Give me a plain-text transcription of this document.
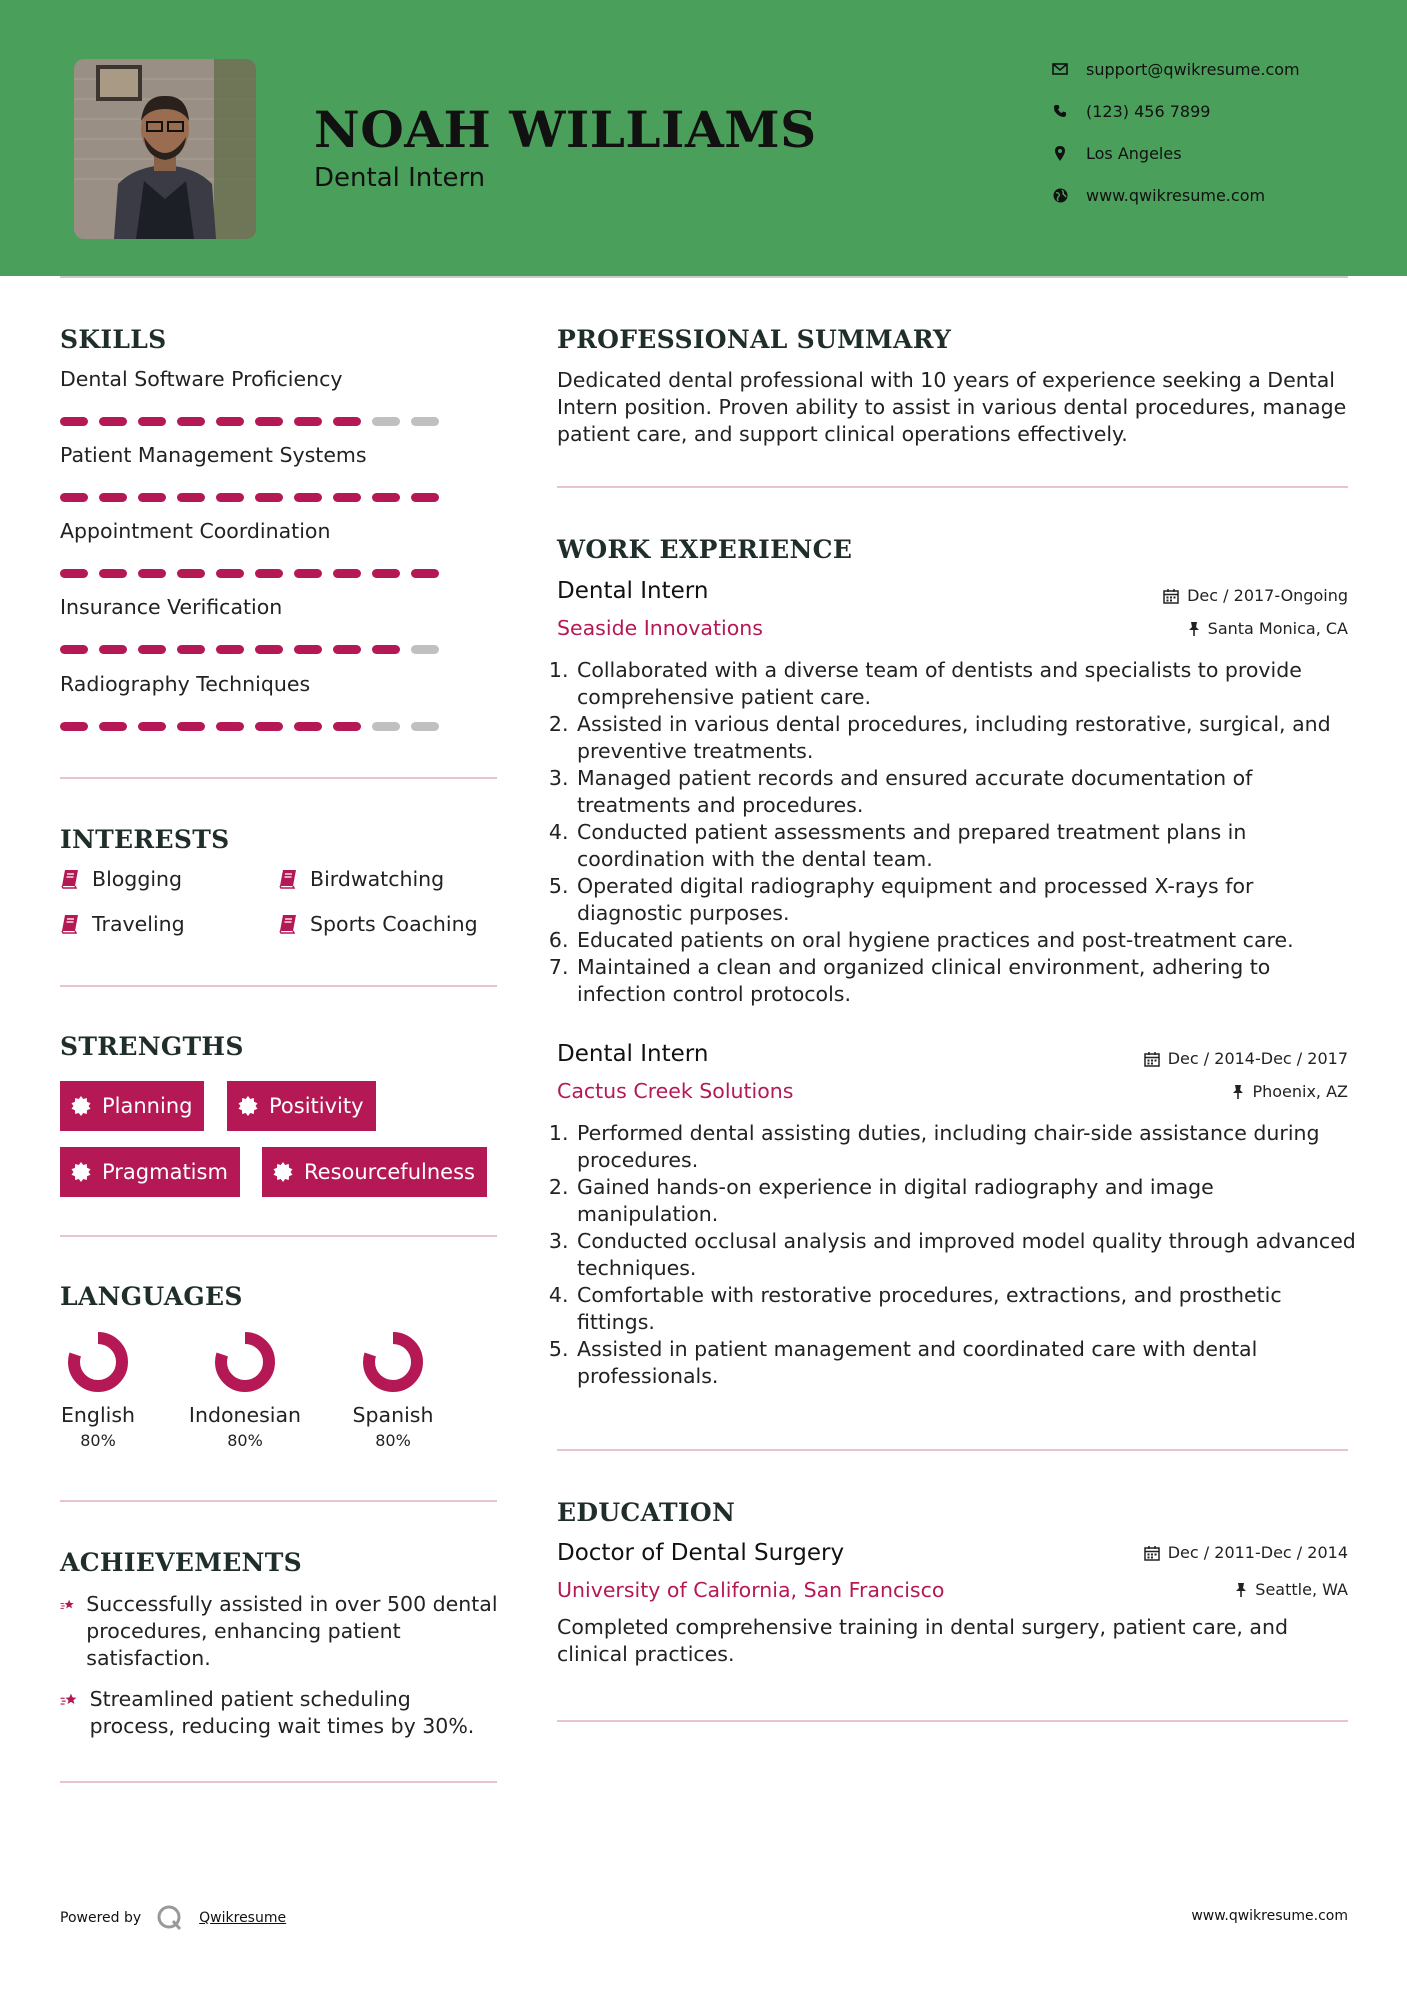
NOAH WILLIAMS
Dental Intern
support@qwikresume.com
(123) 456 7899
Los Angeles
www.qwikresume.com
SKILLS
Dental Software Proficiency
Patient Management Systems
Appointment Coordination
Insurance Verification
Radiography Techniques
INTERESTS
Blogging	Birdwatching
Traveling	Sports Coaching
STRENGTHS
Planning	Positivity
Pragmatism	Resourcefulness
LANGUAGES
English
80%
Indonesian
80%
Spanish
80%
ACHIEVEMENTS
Successfully assisted in over 500 dental procedures, enhancing patient satisfaction.
Streamlined patient scheduling process, reducing wait times by 30%.
PROFESSIONAL SUMMARY
Dedicated dental professional with 10 years of experience seeking a Dental Intern position. Proven ability to assist in various dental procedures, manage patient care, and support clinical operations effectively.
WORK EXPERIENCE
Dental Intern	Dec / 2017-Ongoing
Seaside Innovations	Santa Monica, CA
1. Collaborated with a diverse team of dentists and specialists to provide comprehensive patient care.
2. Assisted in various dental procedures, including restorative, surgical, and preventive treatments.
3. Managed patient records and ensured accurate documentation of treatments and procedures.
4. Conducted patient assessments and prepared treatment plans in coordination with the dental team.
5. Operated digital radiography equipment and processed X-rays for diagnostic purposes.
6. Educated patients on oral hygiene practices and post-treatment care.
7. Maintained a clean and organized clinical environment, adhering to infection control protocols.
Dental Intern	Dec / 2014-Dec / 2017
Cactus Creek Solutions	Phoenix, AZ
1. Performed dental assisting duties, including chair-side assistance during procedures.
2. Gained hands-on experience in digital radiography and image manipulation.
3. Conducted occlusal analysis and improved model quality through advanced techniques.
4. Comfortable with restorative procedures, extractions, and prosthetic fittings.
5. Assisted in patient management and coordinated care with dental professionals.
EDUCATION
Doctor of Dental Surgery	Dec / 2011-Dec / 2014
University of California, San Francisco	Seattle, WA
Completed comprehensive training in dental surgery, patient care, and clinical practices.
Powered by	Qwikresume	www.qwikresume.com
